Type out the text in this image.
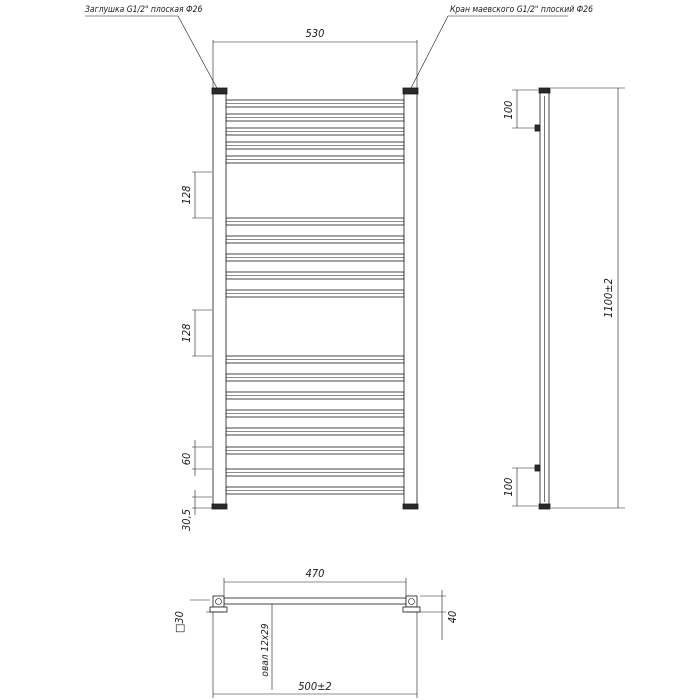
530
Заглушка G1/2" плоская Ф26	Кран маевского G1/2" плоский Ф26
128
128
60
30,5
100
100
1100±2
470
500±2
овал 12x29
□30	40
